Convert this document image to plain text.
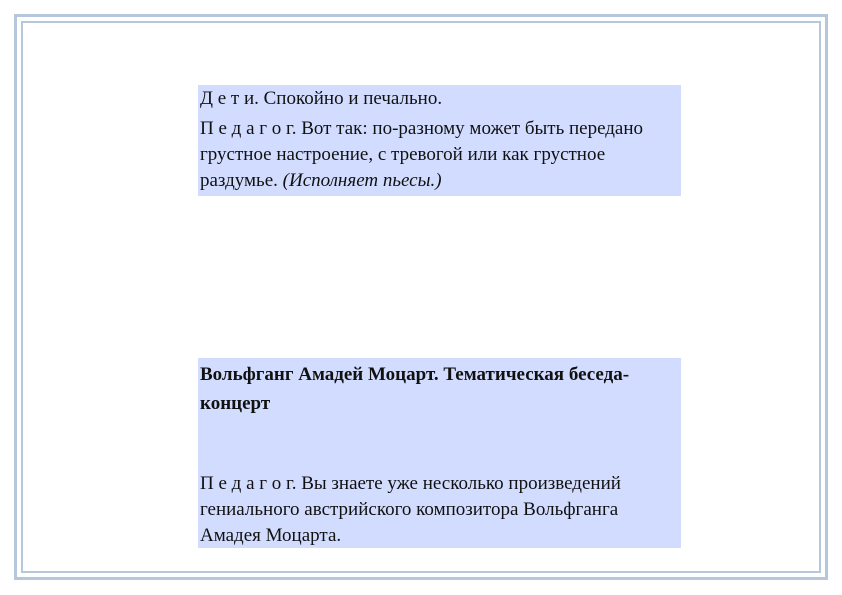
Д е т и. Спокойно и печально.

П е д а г о г. Вот так: по-разному может быть передано грустное настроение, с тревогой или как грустное раздумье. (Исполняет пьесы.)

Вольфганг Амадей Моцарт. Тематическая беседа-концерт

П е д а г о г. Вы знаете уже несколько произведений гениального австрийского композитора Вольфганга Амадея Моцарта.
